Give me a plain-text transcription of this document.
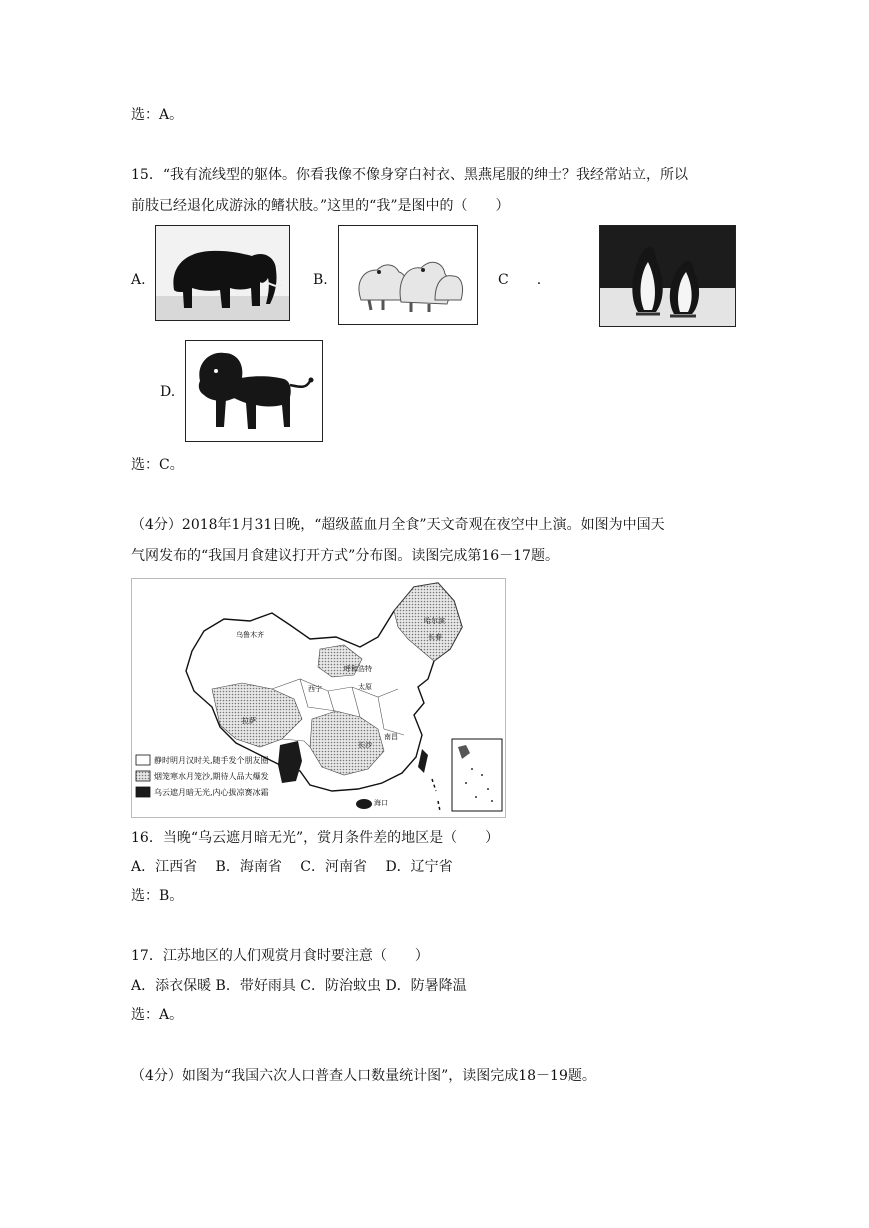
选：A。
15．“我有流线型的躯体。你看我像不像身穿白衬衣、黑燕尾服的绅士？我经常站立，所以
前肢已经退化成游泳的鳍状肢。”这里的“我”是图中的（　　）
A.	B.	C　　.
D.
选：C。
（4分）2018年1月31日晚，“超级蓝血月全食”天文奇观在夜空中上演。如图为中国天
气网发布的“我国月食建议打开方式”分布图。读图完成第16－17题。
静时明月汉时关,随手发个朋友圈
烟笼寒水月笼沙,期待人品大爆发
乌云遮月暗无光,内心拔凉赛冰霜
乌鲁木齐
哈尔滨
长春
呼和浩特
西宁	太原
拉萨
长沙
南昌
海口
16．当晚“乌云遮月暗无光”，赏月条件差的地区是（　　）
A．江西省　 B．海南省　 C．河南省　 D．辽宁省
选：B。
17．江苏地区的人们观赏月食时要注意（　　）
A．添衣保暖 B．带好雨具 C．防治蚊虫 D．防暑降温
选：A。
（4分）如图为“我国六次人口普查人口数量统计图”，读图完成18－19题。
